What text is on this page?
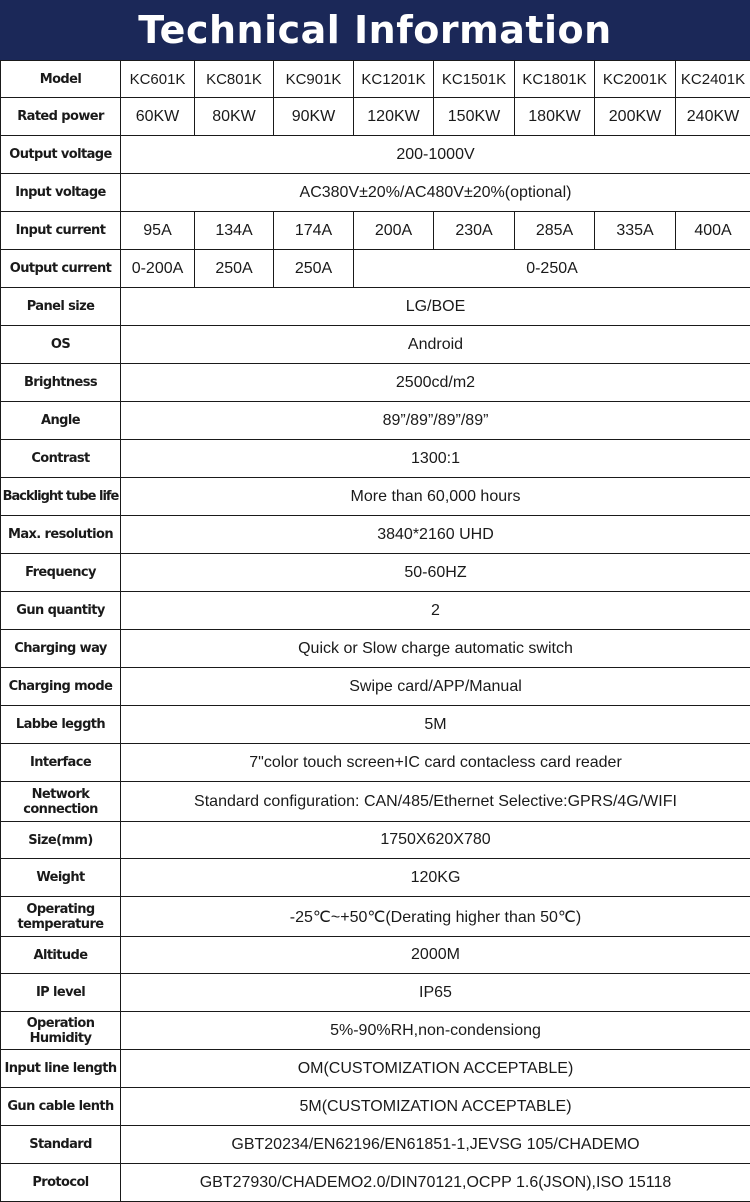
Technical Information
Model	KC601K	KC801K	KC901K	KC1201K	KC1501K	KC1801K	KC2001K	KC2401K
Rated power	60KW	80KW	90KW	120KW	150KW	180KW	200KW	240KW
Output voltage	200-1000V							
Input voltage	AC380V±20%/AC480V±20%(optional)							
Input current	95A	134A	174A	200A	230A	285A	335A	400A
Output current	0-200A	250A	250A	0-250A				
Panel size	LG/BOE							
OS	Android							
Brightness	2500cd/m2							
Angle	89”/89”/89”/89”							
Contrast	1300:1							
Backlight tube life	More than 60,000 hours							
Max. resolution	3840*2160 UHD							
Frequency	50-60HZ							
Gun quantity	2							
Charging way	Quick or Slow charge automatic switch							
Charging mode	Swipe card/APP/Manual							
Labbe leggth	5M							
Interface	7"color touch screen+IC card contacless card reader							
Network connection	Standard configuration: CAN/485/Ethernet Selective:GPRS/4G/WIFI							
Size(mm)	1750X620X780							
Weight	120KG							
Operating temperature	-25℃~+50℃(Derating higher than 50℃)							
Altitude	2000M							
IP level	IP65							
Operation Humidity	5%-90%RH,non-condensiong							
Input line length	OM(CUSTOMIZATION ACCEPTABLE)							
Gun cable lenth	5M(CUSTOMIZATION ACCEPTABLE)							
Standard	GBT20234/EN62196/EN61851-1,JEVSG 105/CHADEMO							
Protocol	GBT27930/CHADEMO2.0/DIN70121,OCPP 1.6(JSON),ISO 15118							
